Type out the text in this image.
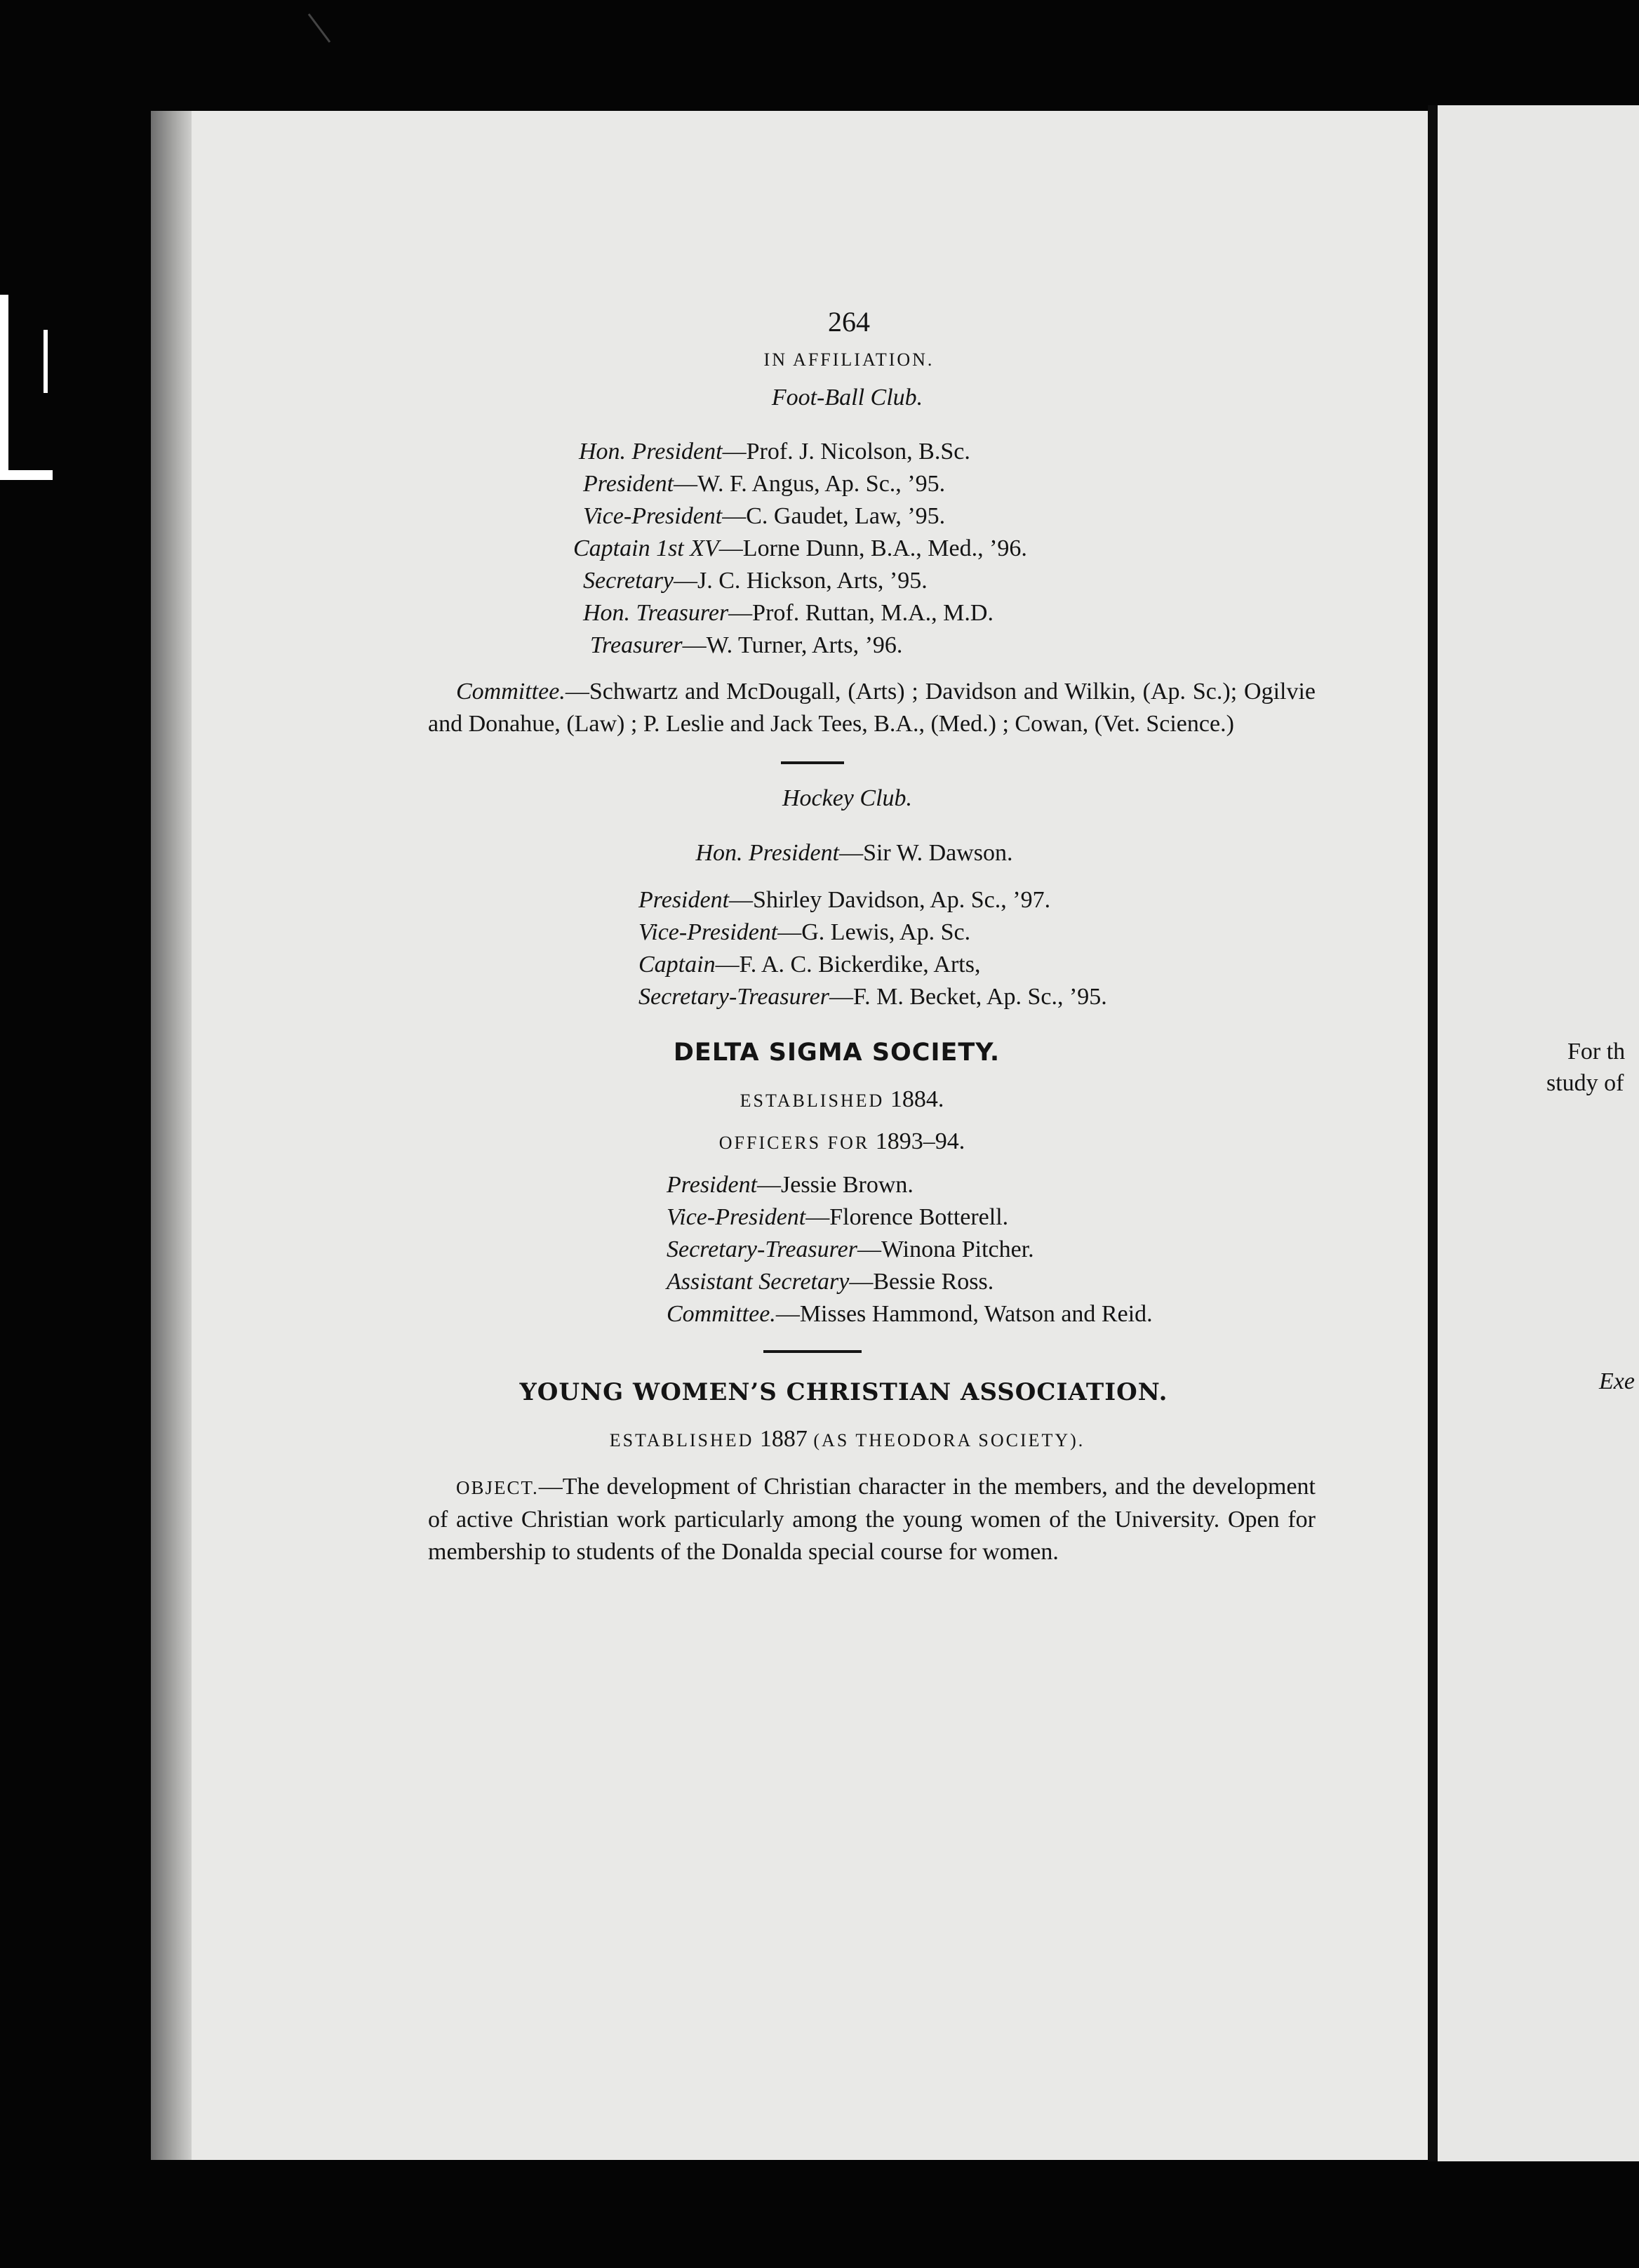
For th
study of
Exe
264
IN AFFILIATION.
Foot-Ball Club.
Hon. President—Prof. J. Nicolson, B.Sc.
President—W. F. Angus, Ap. Sc., ’95.
Vice-President—C. Gaudet, Law, ’95.
Captain 1st XV—Lorne Dunn, B.A., Med., ’96.
Secretary—J. C. Hickson, Arts, ’95.
Hon. Treasurer—Prof. Ruttan, M.A., M.D.
Treasurer—W. Turner, Arts, ’96.
Committee.—Schwartz and McDougall, (Arts) ; Davidson and Wilkin, (Ap. Sc.); Ogilvie and Donahue, (Law) ; P. Leslie and Jack Tees, B.A., (Med.) ; Cowan, (Vet. Science.)
Hockey Club.
Hon. President—Sir W. Dawson.
President—Shirley Davidson, Ap. Sc., ’97.
Vice-President—G. Lewis, Ap. Sc.
Captain—F. A. C. Bickerdike, Arts,
Secretary-Treasurer—F. M. Becket, Ap. Sc., ’95.
DELTA SIGMA SOCIETY.
ESTABLISHED 1884.
OFFICERS FOR 1893–94.
President—Jessie Brown.
Vice-President—Florence Botterell.
Secretary-Treasurer—Winona Pitcher.
Assistant Secretary—Bessie Ross.
Committee.—Misses Hammond, Watson and Reid.
YOUNG WOMEN’S CHRISTIAN ASSOCIATION.
ESTABLISHED 1887 (AS THEODORA SOCIETY).
OBJECT.—The development of Christian character in the members, and the development of active Christian work particularly among the young women of the University. Open for membership to students of the Donalda special course for women.
